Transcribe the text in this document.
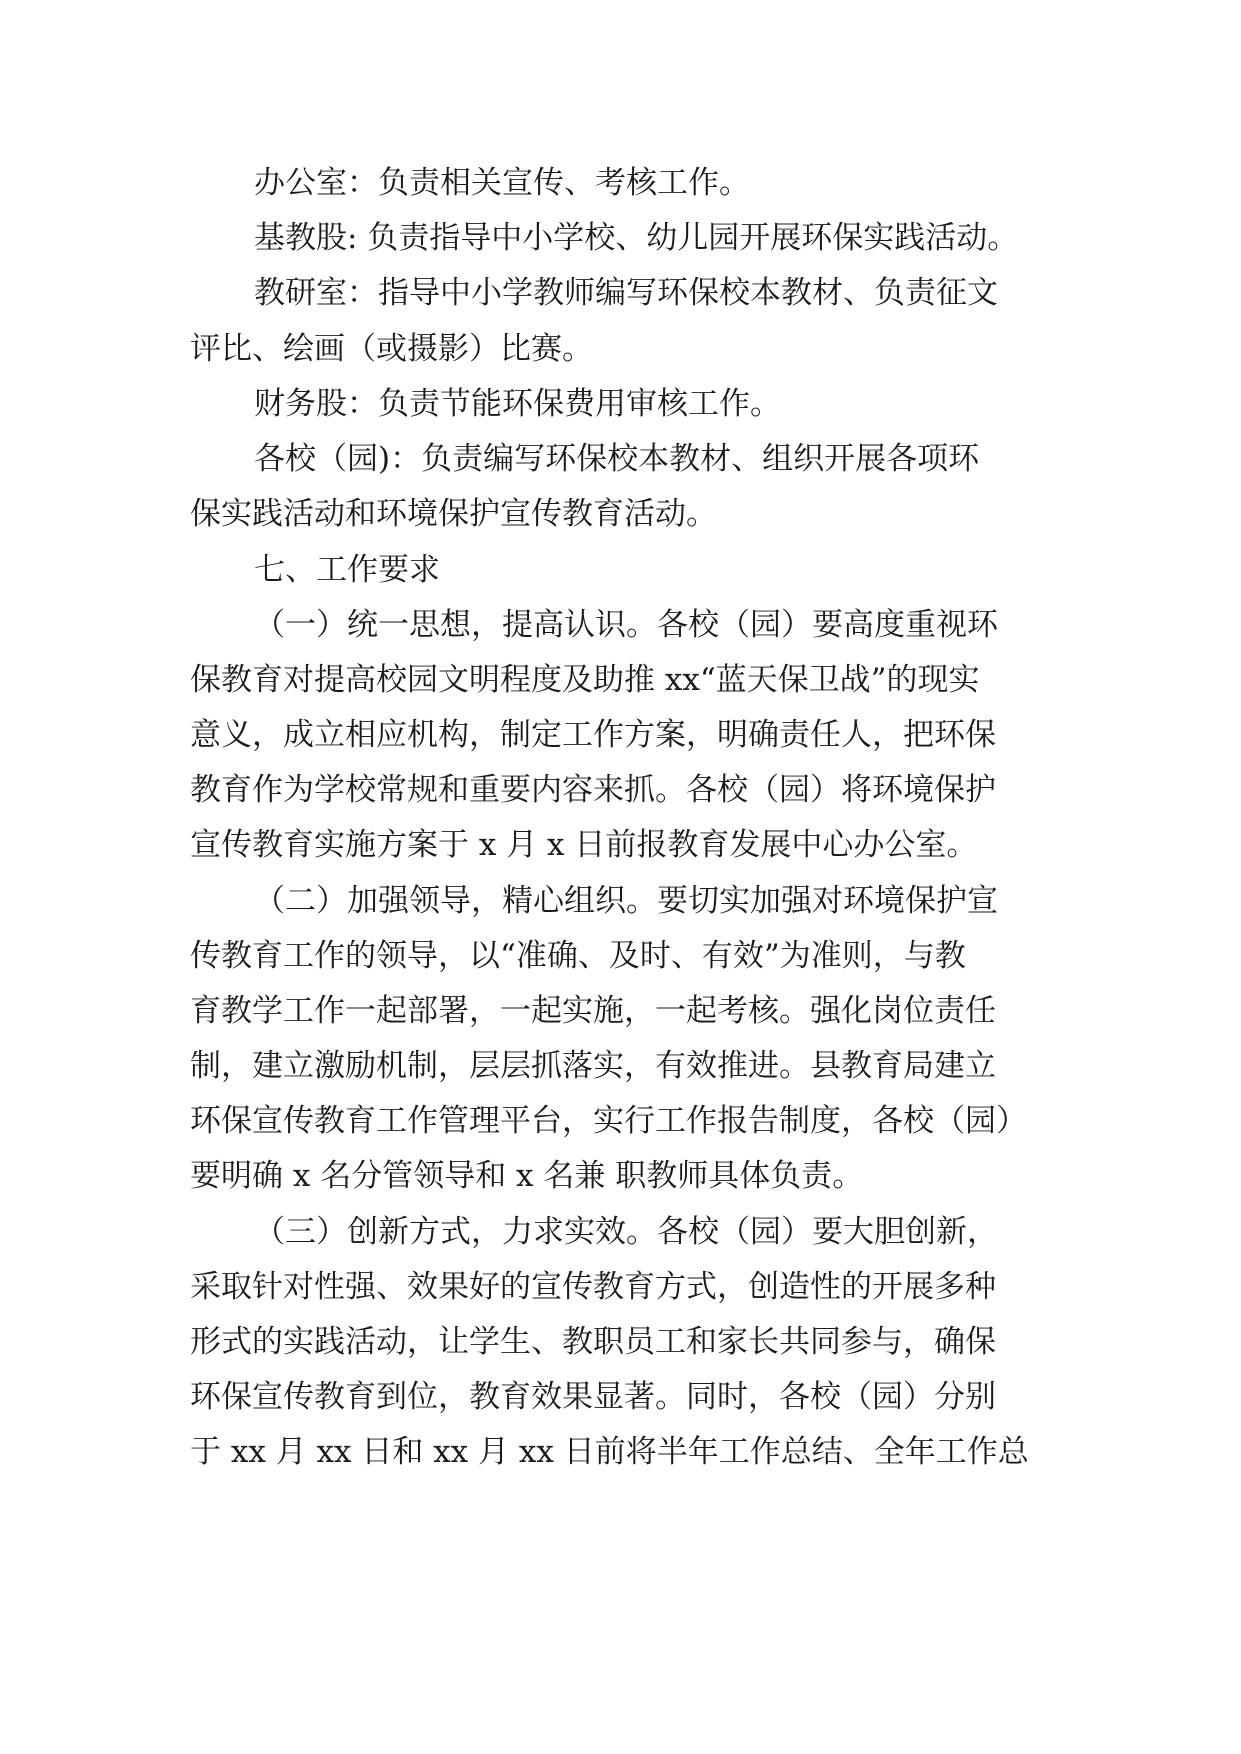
办公室：负责相关宣传、考核工作。
基教股: 负责指导中小学校、幼儿园开展环保实践活动。
教研室：指导中小学教师编写环保校本教材、负责征文
评比、绘画（或摄影）比赛。
财务股：负责节能环保费用审核工作。
各校（园)：负责编写环保校本教材、组织开展各项环
保实践活动和环境保护宣传教育活动。
七、工作要求
（一）统一思想，提高认识。各校（园）要高度重视环
保教育对提高校园文明程度及助推 xx“蓝天保卫战”的现实
意义，成立相应机构，制定工作方案，明确责任人，把环保
教育作为学校常规和重要内容来抓。各校（园）将环境保护
宣传教育实施方案于 x 月 x 日前报教育发展中心办公室。
（二）加强领导，精心组织。要切实加强对环境保护宣
传教育工作的领导，以“准确、及时、有效”为准则，与教
育教学工作一起部署，一起实施，一起考核。强化岗位责任
制，建立激励机制，层层抓落实，有效推进。县教育局建立
环保宣传教育工作管理平台，实行工作报告制度，各校（园）
要明确 x 名分管领导和 x 名兼 职教师具体负责。
（三）创新方式，力求实效。各校（园）要大胆创新，
采取针对性强、效果好的宣传教育方式，创造性的开展多种
形式的实践活动，让学生、教职员工和家长共同参与，确保
环保宣传教育到位，教育效果显著。同时，各校（园）分别
于 xx 月 xx 日和 xx 月 xx 日前将半年工作总结、全年工作总
